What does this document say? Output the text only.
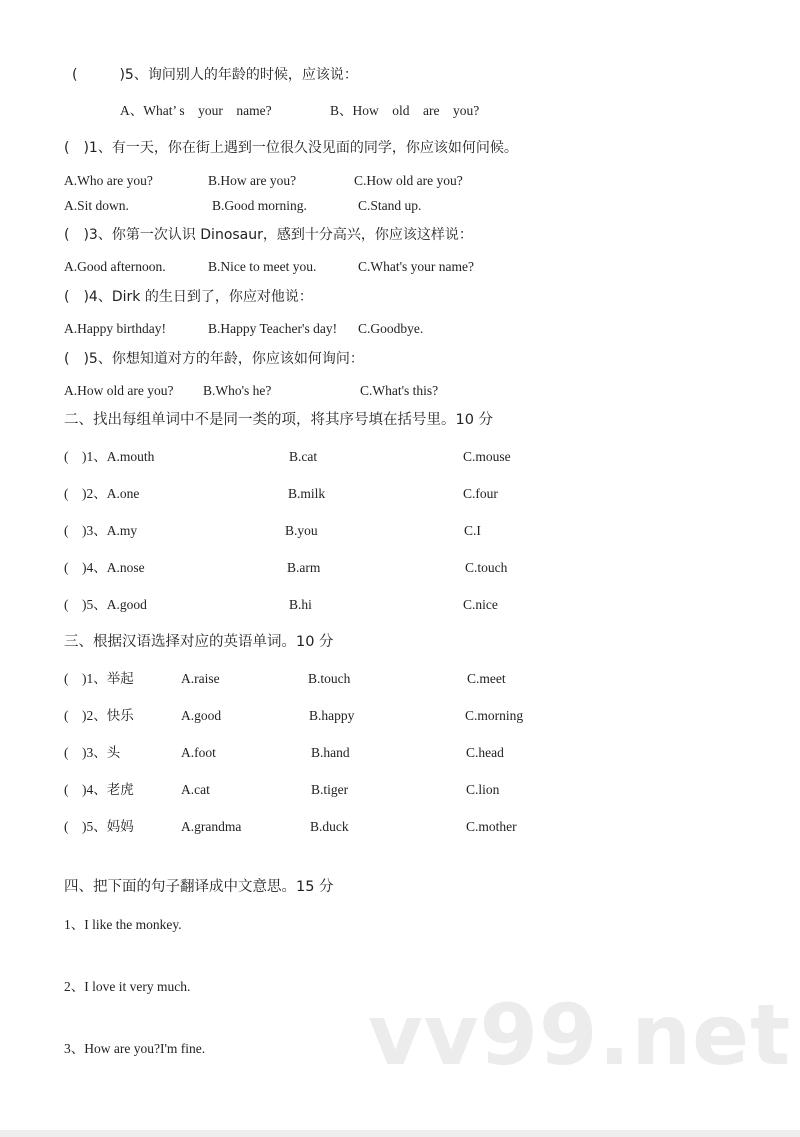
(　　　)5、询问别人的年龄的时候，应该说：
A、What’ s　your　name?	B、How　old　are　you?
(　)1、有一天，你在街上遇到一位很久没见面的同学，你应该如何问候。
A.Who are you?	B.How are you?	C.How old are you?
A.Sit down.	B.Good morning.	C.Stand up.
(　)3、你第一次认识 Dinosaur，感到十分高兴，你应该这样说：
A.Good afternoon.	B.Nice to meet you.	C.What's your name?
(　)4、Dirk 的生日到了，你应对他说：
A.Happy birthday!	B.Happy Teacher's day! C.Goodbye.
(　)5、你想知道对方的年龄，你应该如何询问：
A.How old are you? B.Who's he?	C.What's this?
二、找出每组单词中不是同一类的项，将其序号填在括号里。10 分
(　)1、A.mouth	B.cat	C.mouse
(　)2、A.one	B.milk	C.four
(　)3、A.my	B.you	C.I
(　)4、A.nose	B.arm	C.touch
(　)5、A.good	B.hi	C.nice
三、根据汉语选择对应的英语单词。10 分
(　)1、举起	A.raise	B.touch	C.meet
(　)2、快乐	A.good	B.happy	C.morning
(　)3、头	A.foot	B.hand	C.head
(　)4、老虎	A.cat	B.tiger	C.lion
(　)5、妈妈	A.grandma	B.duck	C.mother
四、把下面的句子翻译成中文意思。15 分
1、I like the monkey.
2、I love it very much.
3、How are you?I'm fine. vv99.net
